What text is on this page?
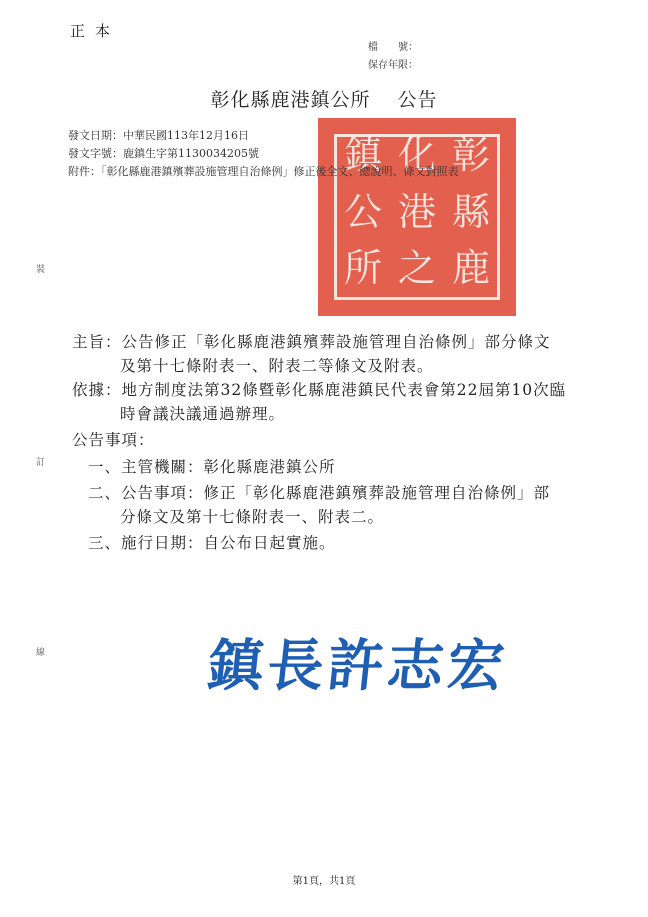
正本
檔　　號：
保存年限：
彰化縣鹿港鎮公所 公告
發文日期：中華民國113年12月16日
發文字號：鹿鎮生字第1130034205號 鎮 化 彰
公 港 縣
所 之 鹿
附件：「彰化縣鹿港鎮殯葬設施管理自治條例」修正後全文、總說明、條文對照表
裝
訂
線
主旨：公告修正「彰化縣鹿港鎮殯葬設施管理自治條例」部分條文
及第十七條附表一、附表二等條文及附表。
依據：地方制度法第32條暨彰化縣鹿港鎮民代表會第22屆第10次臨
時會議決議通過辦理。
公告事項：
一、主管機關：彰化縣鹿港鎮公所
二、公告事項：修正「彰化縣鹿港鎮殯葬設施管理自治條例」部
分條文及第十七條附表一、附表二。
三、施行日期：自公布日起實施。
鎮長許志宏
第1頁，共1頁
